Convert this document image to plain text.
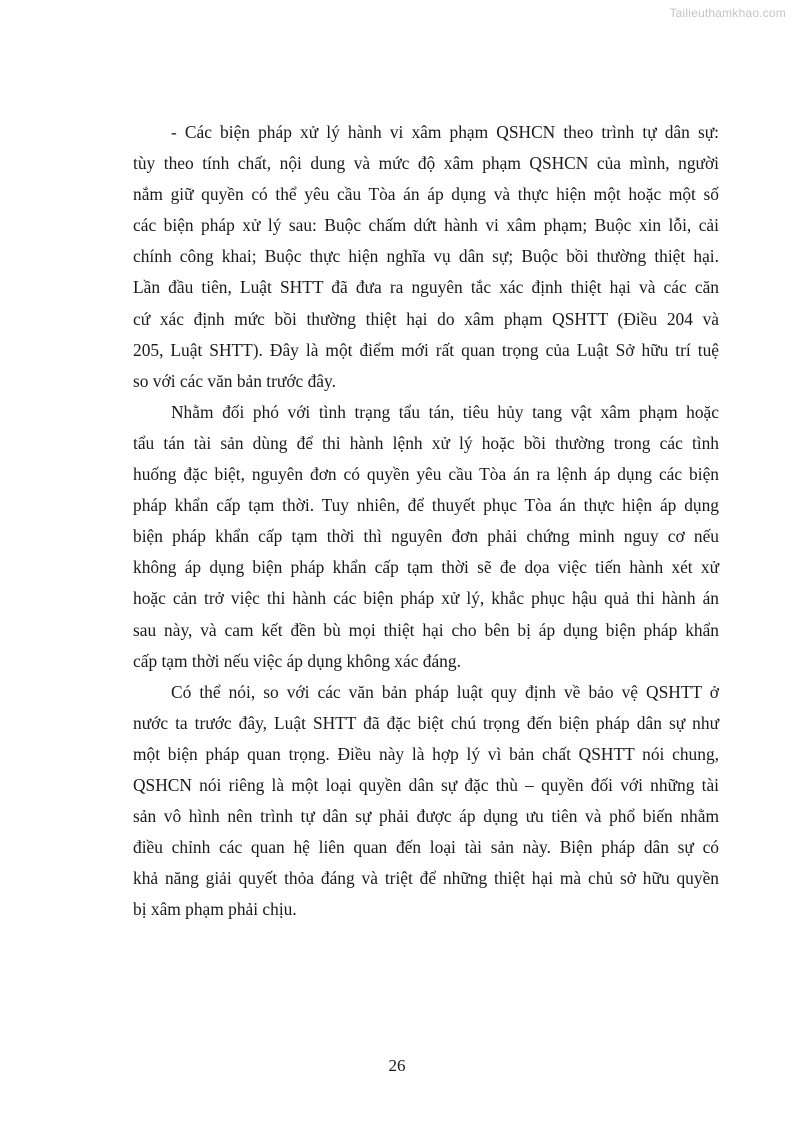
Tailieuthamkhao.com
- Các biện pháp xử lý hành vi xâm phạm QSHCN theo trình tự dân sự:
tùy theo tính chất, nội dung và mức độ xâm phạm QSHCN của mình, người
nắm giữ quyền có thể yêu cầu Tòa án áp dụng và thực hiện một hoặc một số
các biện pháp xử lý sau: Buộc chấm dứt hành vi xâm phạm; Buộc xin lỗi, cải
chính công khai; Buộc thực hiện nghĩa vụ dân sự; Buộc bồi thường thiệt hại.
Lần đầu tiên, Luật SHTT đã đưa ra nguyên tắc xác định thiệt hại và các căn
cứ xác định mức bồi thường thiệt hại do xâm phạm QSHTT (Điều 204 và
205, Luật SHTT). Đây là một điểm mới rất quan trọng của Luật Sở hữu trí tuệ
so với các văn bản trước đây.
Nhằm đối phó với tình trạng tẩu tán, tiêu hủy tang vật xâm phạm hoặc
tẩu tán tài sản dùng để thi hành lệnh xử lý hoặc bồi thường trong các tình
huống đặc biệt, nguyên đơn có quyền yêu cầu Tòa án ra lệnh áp dụng các biện
pháp khẩn cấp tạm thời. Tuy nhiên, để thuyết phục Tòa án thực hiện áp dụng
biện pháp khẩn cấp tạm thời thì nguyên đơn phải chứng minh nguy cơ nếu
không áp dụng biện pháp khẩn cấp tạm thời sẽ đe dọa việc tiến hành xét xử
hoặc cản trở việc thi hành các biện pháp xử lý, khắc phục hậu quả thi hành án
sau này, và cam kết đền bù mọi thiệt hại cho bên bị áp dụng biện pháp khẩn
cấp tạm thời nếu việc áp dụng không xác đáng.
Có thể nói, so với các văn bản pháp luật quy định về bảo vệ QSHTT ở
nước ta trước đây, Luật SHTT đã đặc biệt chú trọng đến biện pháp dân sự như
một biện pháp quan trọng. Điều này là hợp lý vì bản chất QSHTT nói chung,
QSHCN nói riêng là một loại quyền dân sự đặc thù – quyền đối với những tài
sản vô hình nên trình tự dân sự phải được áp dụng ưu tiên và phổ biến nhằm
điều chỉnh các quan hệ liên quan đến loại tài sản này. Biện pháp dân sự có
khả năng giải quyết thỏa đáng và triệt để những thiệt hại mà chủ sở hữu quyền
bị xâm phạm phải chịu.
26
